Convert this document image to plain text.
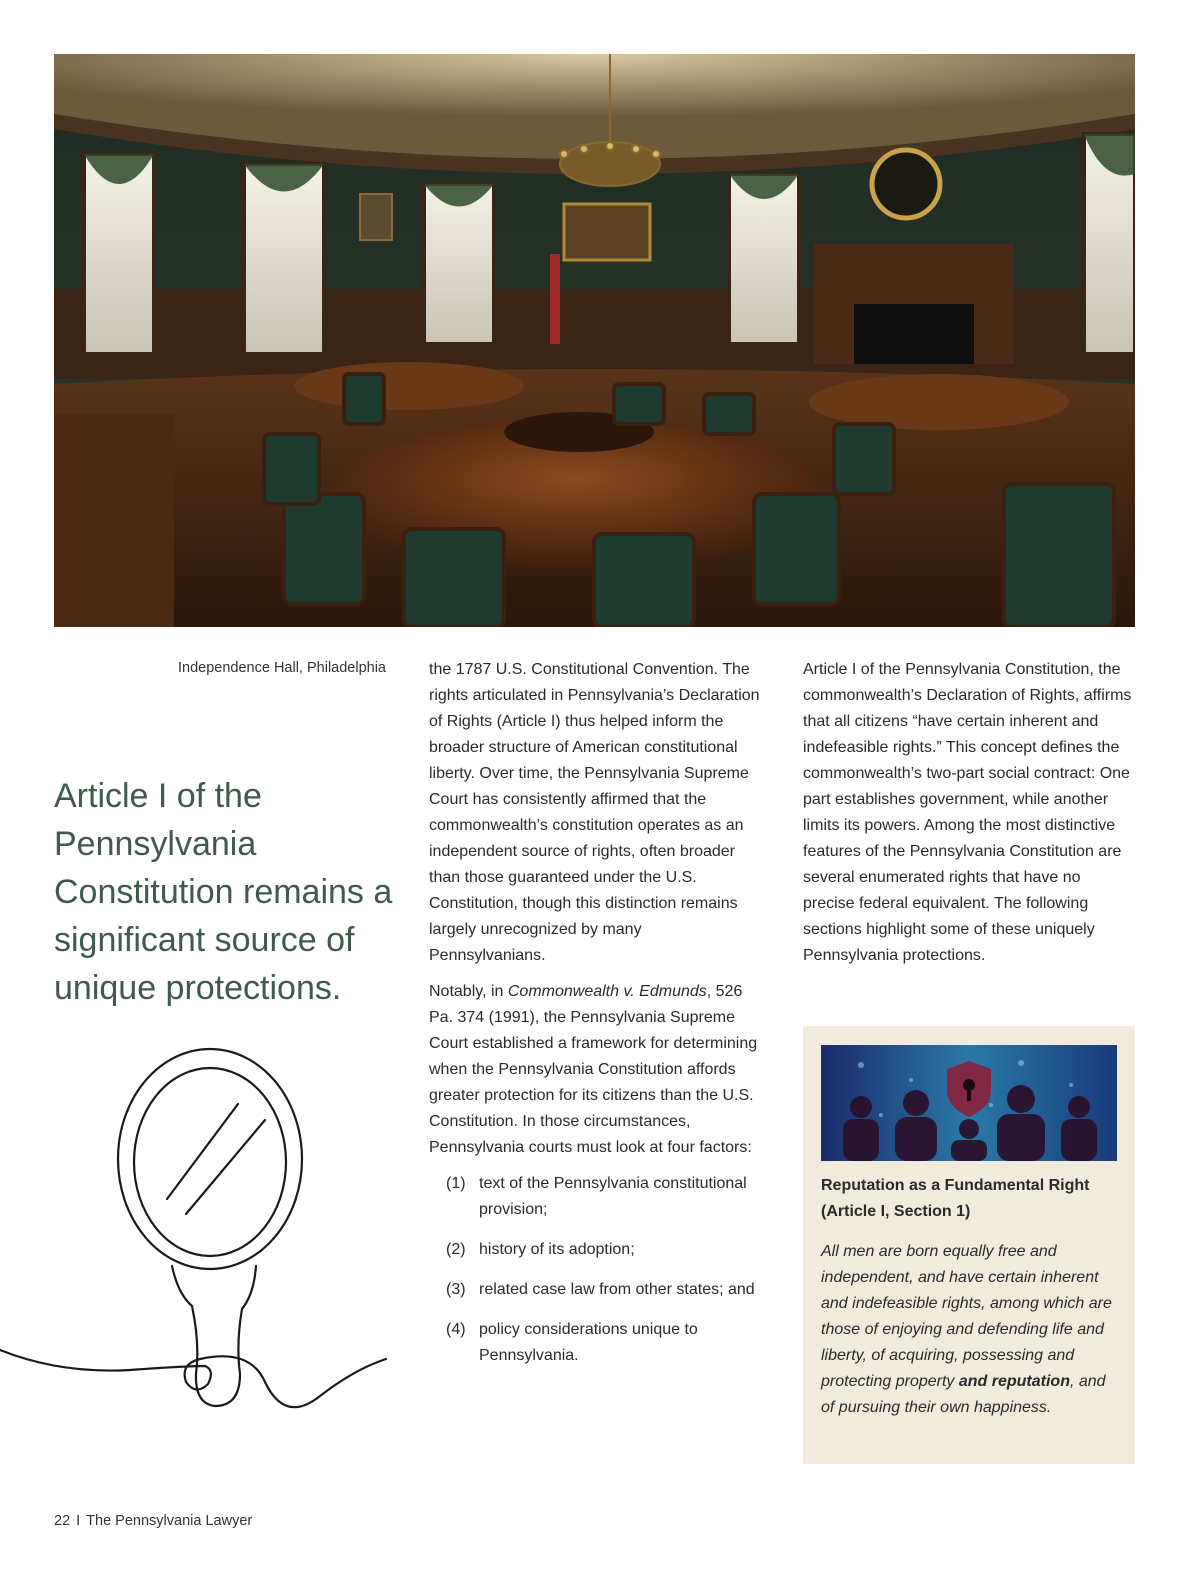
Independence Hall, Philadelphia
Article I of the Pennsylvania Constitution remains a significant source of unique protections.

the 1787 U.S. Constitutional Convention. The rights articulated in Pennsylvania’s Declaration of Rights (Article I) thus helped inform the broader structure of American constitutional liberty. Over time, the Pennsylvania Supreme Court has consistently affirmed that the commonwealth’s constitution operates as an independent source of rights, often broader than those guaranteed under the U.S. Constitution, though this distinction remains largely unrecognized by many Pennsylvanians.

Notably, in Commonwealth v. Edmunds, 526 Pa. 374 (1991), the Pennsylvania Supreme Court established a framework for determining when the Pennsylvania Constitution affords greater protection for its citizens than the U.S. Constitution. In those circumstances, Pennsylvania courts must look at four factors:

(1) text of the Pennsylvania constitutional provision;
(2) history of its adoption;
(3) related case law from other states; and
(4) policy considerations unique to Pennsylvania.

Article I of the Pennsylvania Constitution, the commonwealth’s Declaration of Rights, affirms that all citizens “have certain inherent and indefeasible rights.” This concept defines the commonwealth’s two-part social contract: One part establishes government, while another limits its powers. Among the most distinctive features of the Pennsylvania Constitution are several enumerated rights that have no precise federal equivalent. The following sections highlight some of these uniquely Pennsylvania protections.

Reputation as a Fundamental Right
(Article I, Section 1)

All men are born equally free and independent, and have certain inherent and indefeasible rights, among which are those of enjoying and defending life and liberty, of acquiring, possessing and protecting property and reputation, and of pursuing their own happiness.

22 I The Pennsylvania Lawyer
